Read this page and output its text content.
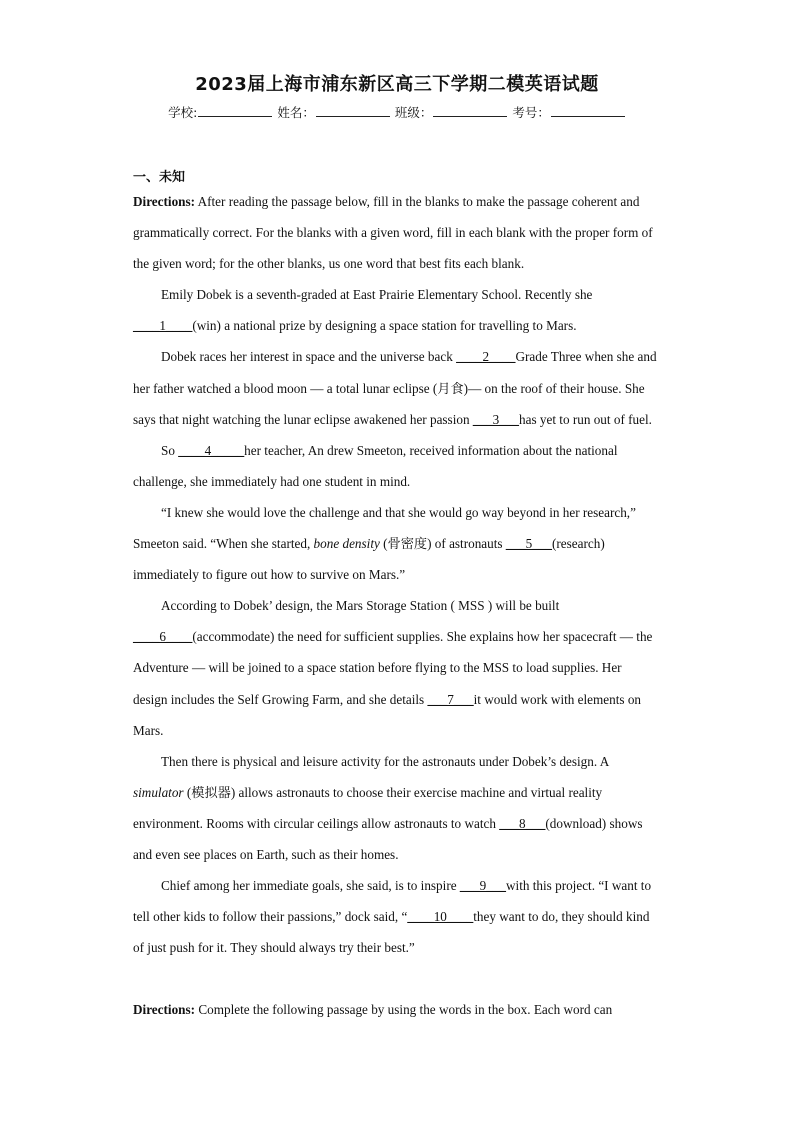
2023届上海市浦东新区高三下学期二模英语试题
学校:	姓名：	班级：	考号：
一、未知

Directions: After reading the passage below, fill in the blanks to make the passage coherent and grammatically correct. For the blanks with a given word, fill in each blank with the proper form of the given word; for the other blanks, us one word that best fits each blank.

Emily Dobek is a seventh-graded at East Prairie Elementary School. Recently she ____1____(win) a national prize by designing a space station for travelling to Mars.

Dobek races her interest in space and the universe back ____2____Grade Three when she and her father watched a blood moon — a total lunar eclipse (月食)— on the roof of their house. She says that night watching the lunar eclipse awakened her passion ___3___has yet to run out of fuel.

So ____4_____her teacher, An drew Smeeton, received information about the national challenge, she immediately had one student in mind.

“I knew she would love the challenge and that she would go way beyond in her research,” Smeeton said. “When she started, bone density (骨密度) of astronauts ___5___(research) immediately to figure out how to survive on Mars.”

According to Dobek’ design, the Mars Storage Station ( MSS ) will be built ____6____(accommodate) the need for sufficient supplies. She explains how her spacecraft — the Adventure — will be joined to a space station before flying to the MSS to load supplies. Her design includes the Self Growing Farm, and she details ___7___it would work with elements on Mars.

Then there is physical and leisure activity for the astronauts under Dobek’s design. A simulator (模拟器) allows astronauts to choose their exercise machine and virtual reality environment. Rooms with circular ceilings allow astronauts to watch ___8___(download) shows and even see places on Earth, such as their homes.

Chief among her immediate goals, she said, is to inspire ___9___with this project. “I want to tell other kids to follow their passions,” dock said, “____10____they want to do, they should kind of just push for it. They should always try their best.”

Directions: Complete the following passage by using the words in the box. Each word can
